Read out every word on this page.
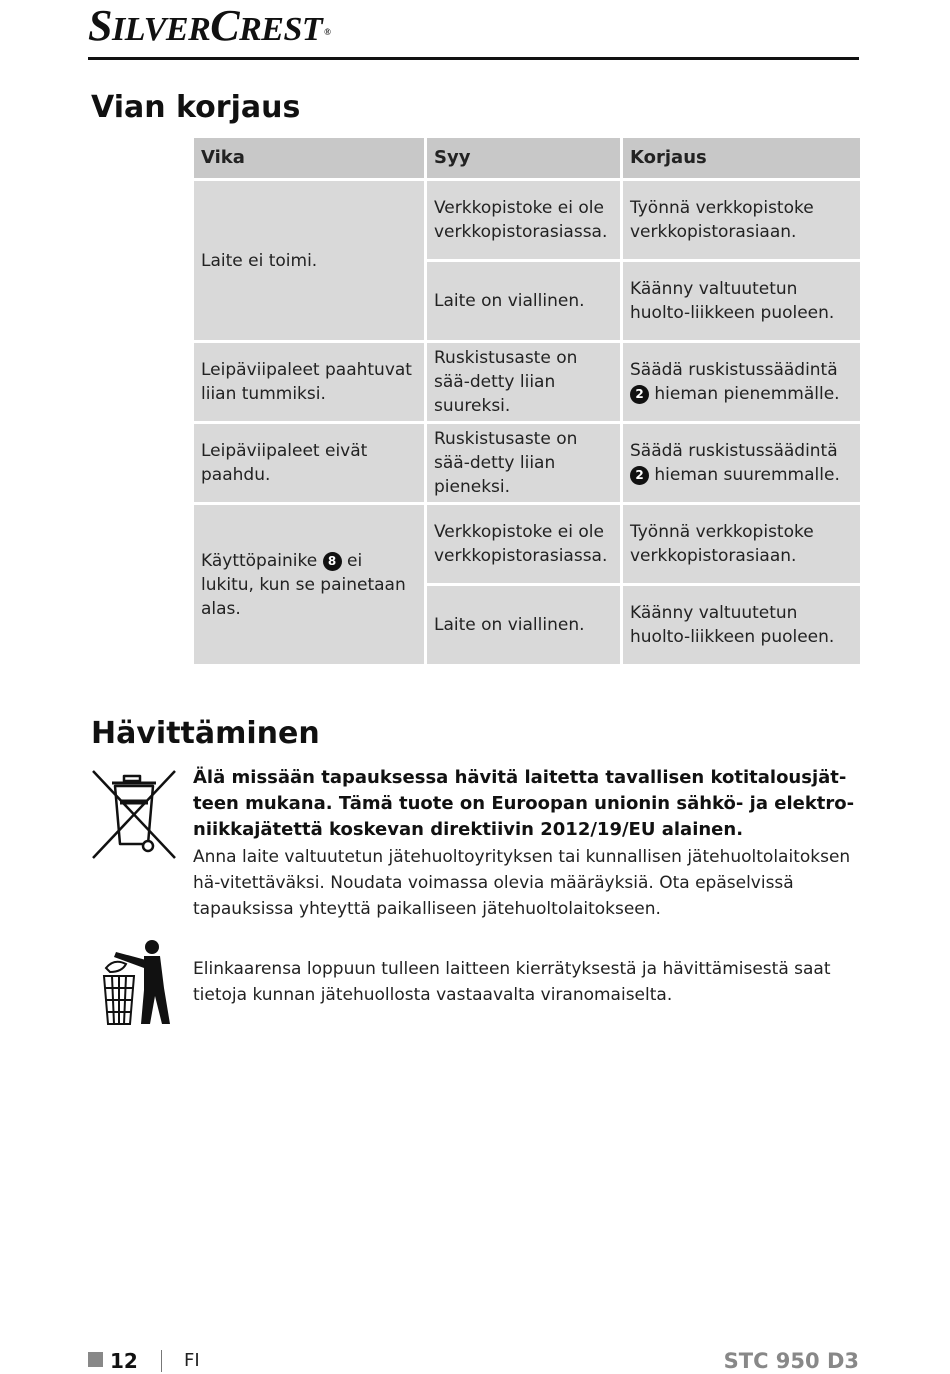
SILVERCREST ®
Vian korjaus
Vika	Syy	Korjaus
Laite ei toimi.	Verkkopistoke ei ole verkkopistorasiassa.	Työnnä verkkopistoke verkkopistorasiaan.
	Laite on viallinen.	Käänny valtuutetun huolto-liikkeen puoleen.
Leipäviipaleet paahtuvat liian tummiksi.	Ruskistusaste on sää-detty liian suureksi.	Säädä ruskistussäädintä 2 hieman pienemmälle.
Leipäviipaleet eivät paahdu.	Ruskistusaste on sää-detty liian pieneksi.	Säädä ruskistussäädintä 2 hieman suuremmalle.
Käyttöpainike 8 ei lukitu, kun se painetaan alas.	Verkkopistoke ei ole verkkopistorasiassa.	Työnnä verkkopistoke verkkopistorasiaan.
	Laite on viallinen.	Käänny valtuutetun huolto-liikkeen puoleen.
Hävittäminen

Älä missään tapauksessa hävitä laitetta tavallisen kotitalousjät-teen mukana. Tämä tuote on Euroopan unionin sähkö- ja elektro-niikkajätettä koskevan direktiivin 2012/19/EU alainen.

Anna laite valtuutetun jätehuoltoyrityksen tai kunnallisen jätehuoltolaitoksen hä-vitettäväksi. Noudata voimassa olevia määräyksiä. Ota epäselvissä tapauksissa yhteyttä paikalliseen jätehuoltolaitokseen.

Elinkaarensa loppuun tulleen laitteen kierrätyksestä ja hävittämisestä saat tietoja kunnan jätehuollosta vastaavalta viranomaiselta.

12	FI	STC 950 D3
